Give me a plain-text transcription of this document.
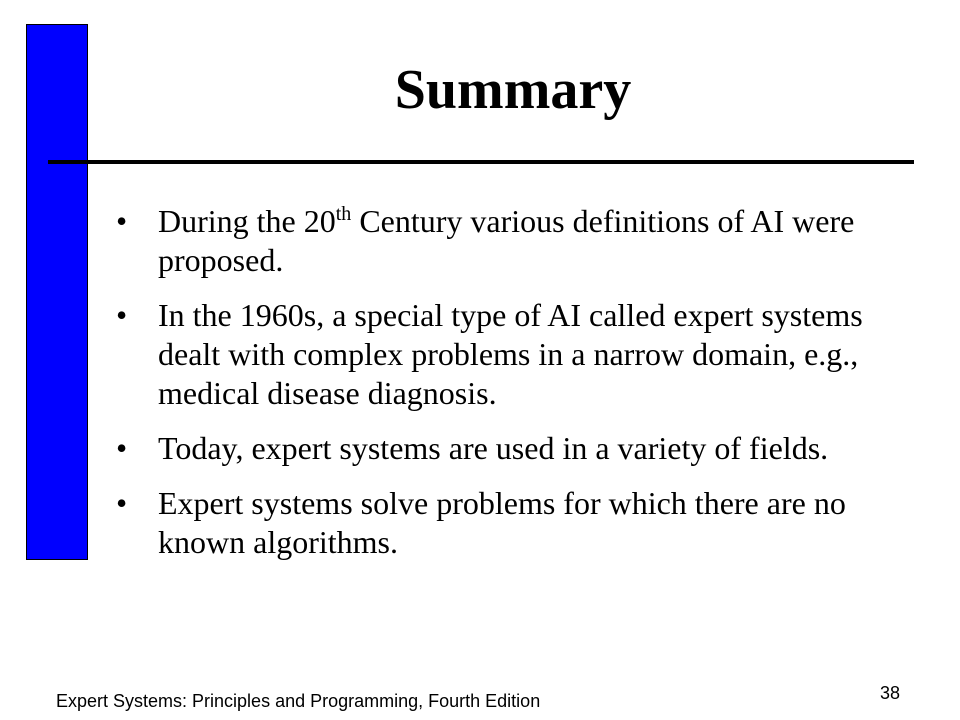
Summary
• During the 20th Century various definitions of AI were proposed.
• In the 1960s, a special type of AI called expert systems dealt with complex problems in a narrow domain, e.g., medical disease diagnosis.
• Today, expert systems are used in a variety of fields.
• Expert systems solve problems for which there are no known algorithms.
Expert Systems: Principles and Programming, Fourth Edition	38
